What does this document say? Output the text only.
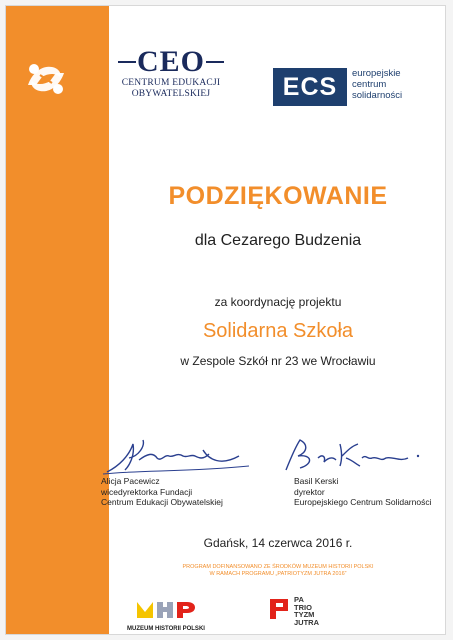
CEO
CENTRUM EDUKACJI
OBYWATELSKIEJ	ECS	europejskie
centrum
solidarności
PODZIĘKOWANIE
dla Cezarego Budzenia
za koordynację projektu
Solidarna Szkoła
w Zespole Szkół nr 23 we Wrocławiu
Alicja Pacewicz
wicedyrektorka Fundacji
Centrum Edukacji Obywatelskiej
Basil Kerski
dyrektor
Europejskiego Centrum Solidarności
Gdańsk, 14 czerwca 2016 r.
PROGRAM DOFINANSOWANO ZE ŚRODKÓW MUZEUM HISTORII POLSKI
W RAMACH PROGRAMU „PATRIOTYZM JUTRA 2016”
MUZEUM HISTORII POLSKI
PA
TRIO
TYZM
JUTRA
